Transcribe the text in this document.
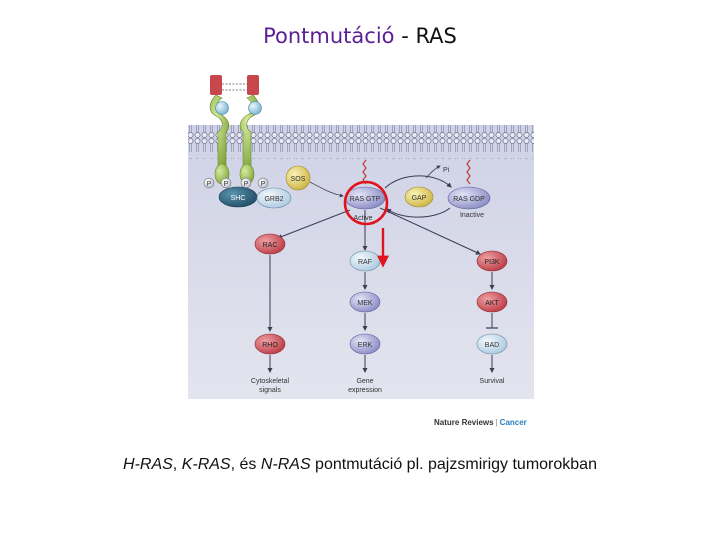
Pontmutáció - RAS
P P P P
SHC	GRB2
SOS
RAS GTP
Active
GAP	RAS GDP
Inactive
Pi
RAC
RAF	PI3K
MEK	AKT
RHO	ERK	BAD
Cytoskeletal
signals
Gene
expression
Survival
Nature Reviews | Cancer
H-RAS, K-RAS, és N-RAS pontmutáció pl. pajzsmirigy tumorokban
